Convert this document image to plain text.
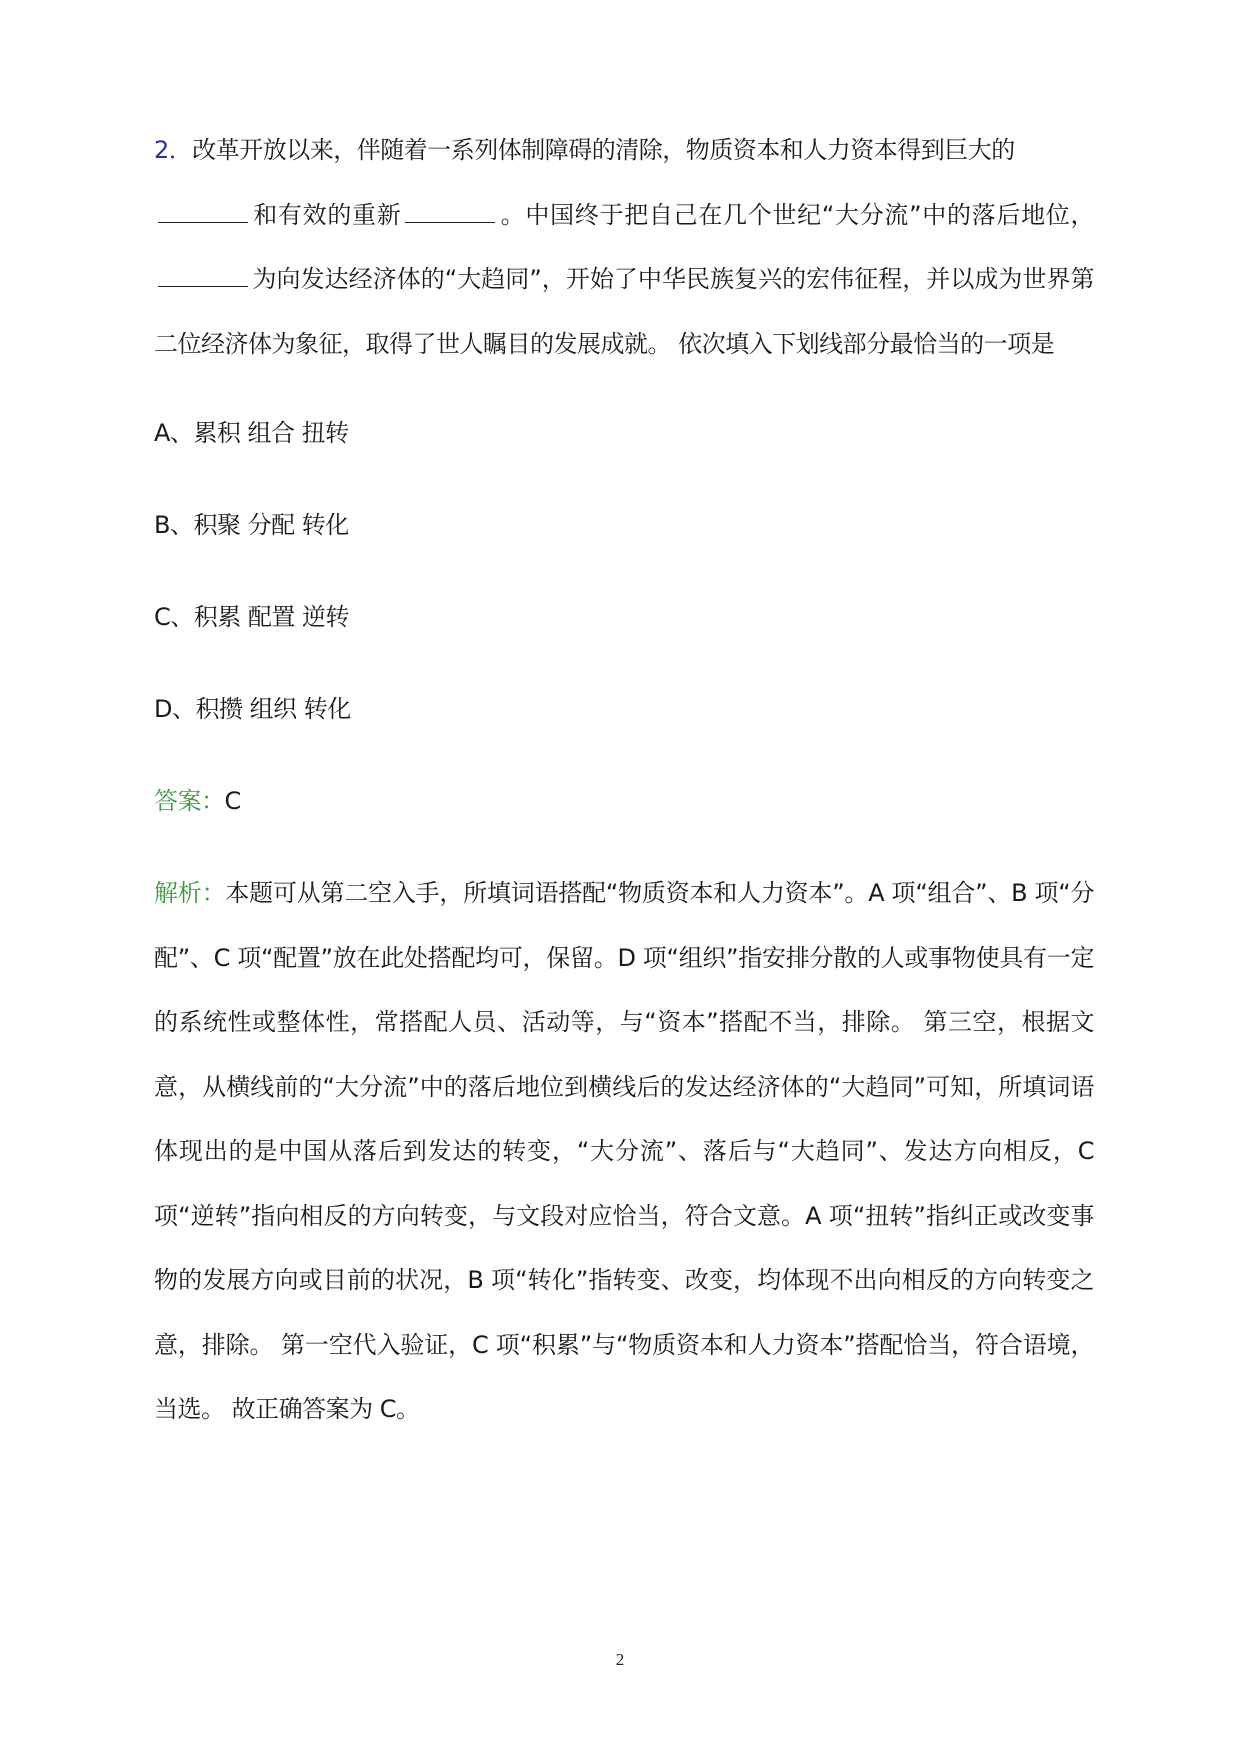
2．改革开放以来，伴随着一系列体制障碍的清除，物质资本和人力资本得到巨大的
和有效的重新	。中国终于把自己在几个世纪“大分流”中的落后地位，为向发达经济体的“大趋同”，开始了中华民族复兴的宏伟征程，并以成为世界第二位经济体为象征，取得了世人瞩目的发展成就。 依次填入下划线部分最恰当的一项是

A、累积 组合 扭转
B、积聚 分配 转化
C、积累 配置 逆转
D、积攒 组织 转化
答案：C

解析：本题可从第二空入手，所填词语搭配“物质资本和人力资本”。A 项“组合”、B 项“分配”、C 项“配置”放在此处搭配均可，保留。D 项“组织”指安排分散的人或事物使具有一定的系统性或整体性，常搭配人员、活动等，与“资本”搭配不当，排除。 第三空，根据文意，从横线前的“大分流”中的落后地位到横线后的发达经济体的“大趋同”可知，所填词语体现出的是中国从落后到发达的转变，“大分流”、落后与“大趋同”、发达方向相反，C 项“逆转”指向相反的方向转变，与文段对应恰当，符合文意。A 项“扭转”指纠正或改变事物的发展方向或目前的状况，B 项“转化”指转变、改变，均体现不出向相反的方向转变之意，排除。 第一空代入验证，C 项“积累”与“物质资本和人力资本”搭配恰当，符合语境，当选。 故正确答案为 C。

2
